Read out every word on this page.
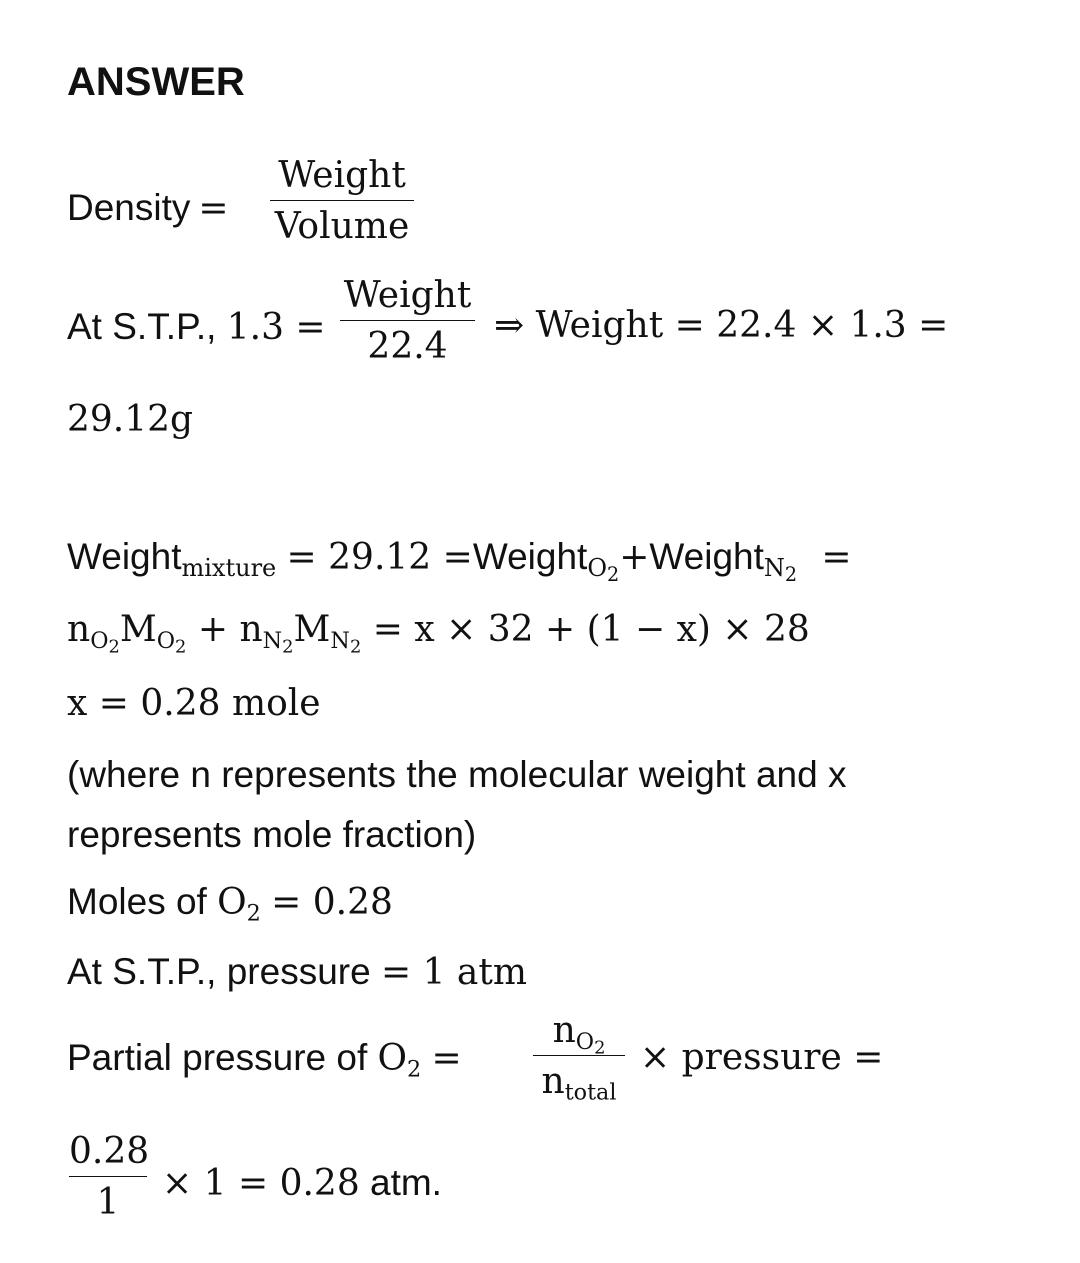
ANSWER
Density =
Weight
Volume
At S.T.P., 1.3 =
Weight
22.4
⇒ Weight = 22.4 × 1.3 =
29.12g
Weight$_{mixture}$ = 29.12 =Weight$_{O_2}$+Weight$_{N_2}$ =
$n_{O_2}M_{O_2} + n_{N_2}M_{N_2} = x \times 32 + (1 - x) \times 28$
x = 0.28 mole
(where n represents the molecular weight and x
represents mole fraction)
Moles of $O_2 = 0.28$
At S.T.P., pressure = 1 atm
Partial pressure of $O_2$ =
$n_{O_2}$
$n_{total}$
× pressure =
0.28
1	× 1 = 0.28 atm.
